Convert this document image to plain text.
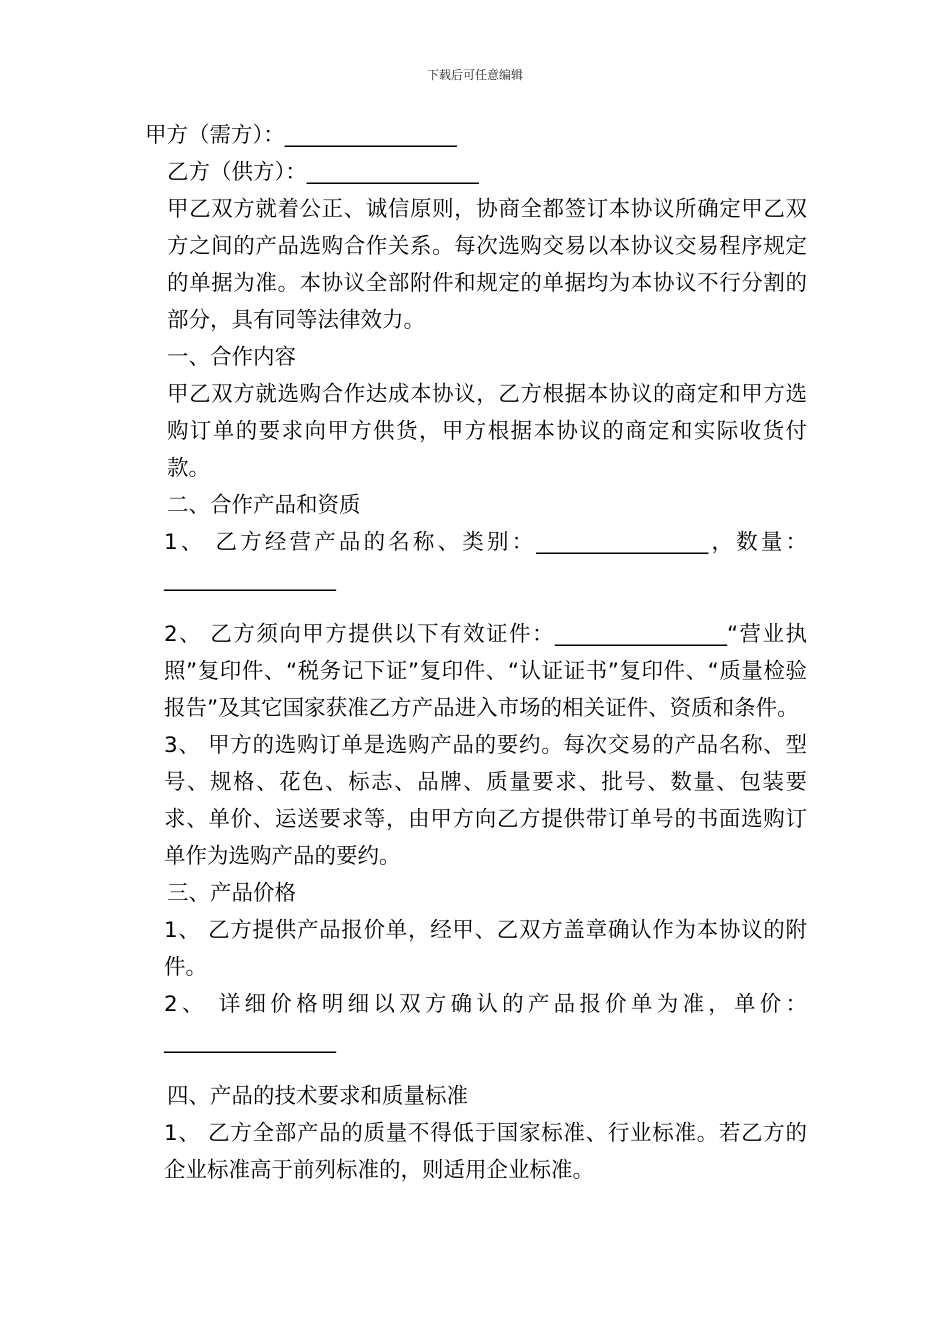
下载后可任意编辑

甲方（需方）：________________

乙方（供方）：________________

甲乙双方就着公正、诚信原则，协商全都签订本协议所确定甲乙双方之间的产品选购合作关系。每次选购交易以本协议交易程序规定的单据为准。本协议全部附件和规定的单据均为本协议不行分割的部分，具有同等法律效力。

一、合作内容

甲乙双方就选购合作达成本协议，乙方根据本协议的商定和甲方选购订单的要求向甲方供货，甲方根据本协议的商定和实际收货付款。

二、合作产品和资质

1、 乙方经营产品的名称、类别：________________，数量：________________

2、 乙方须向甲方提供以下有效证件：________________“营业执照”复印件、“税务记下证”复印件、“认证证书”复印件、“质量检验报告”及其它国家获准乙方产品进入市场的相关证件、资质和条件。

3、 甲方的选购订单是选购产品的要约。每次交易的产品名称、型号、规格、花色、标志、品牌、质量要求、批号、数量、包装要求、单价、运送要求等，由甲方向乙方提供带订单号的书面选购订单作为选购产品的要约。

三、产品价格

1、 乙方提供产品报价单，经甲、乙双方盖章确认作为本协议的附件。

2、 详细价格明细以双方确认的产品报价单为准，单价：________________

四、产品的技术要求和质量标准

1、 乙方全部产品的质量不得低于国家标准、行业标准。若乙方的企业标准高于前列标准的，则适用企业标准。
